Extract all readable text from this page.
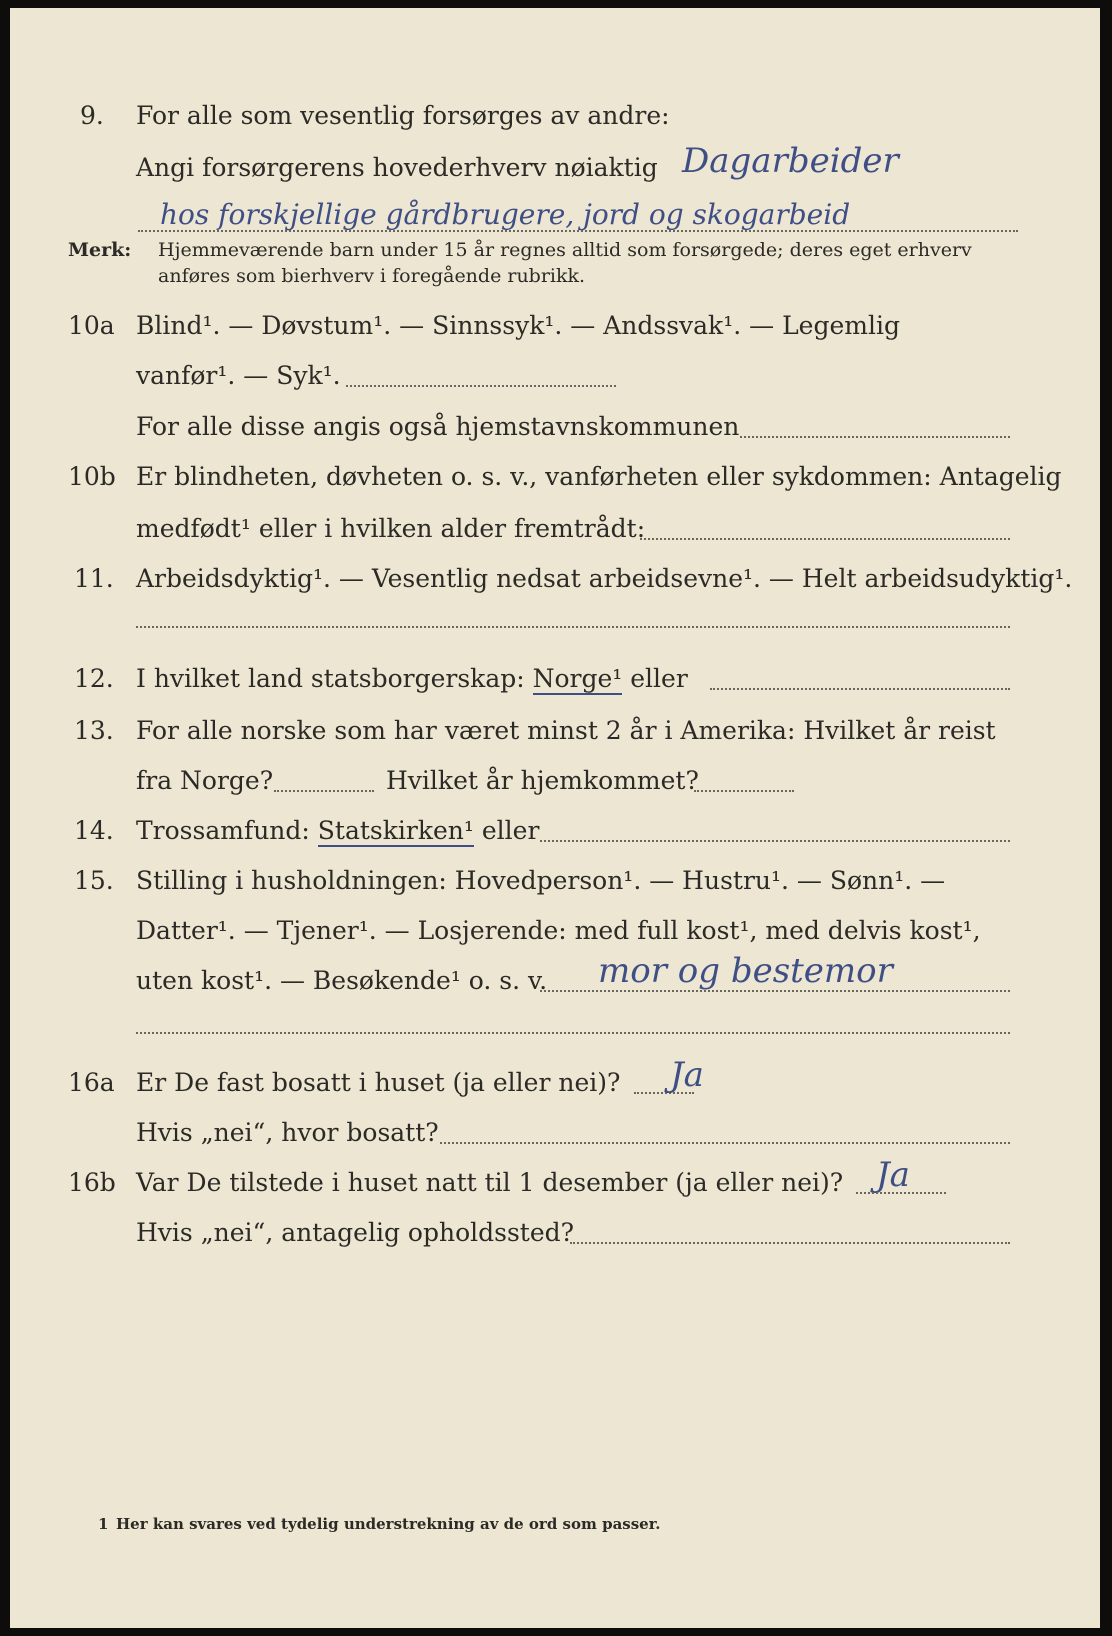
9. For alle som vesentlig forsørges av andre:
Angi forsørgerens hovederhverv nøiaktig Dagarbeider
hos forskjellige gårdbrugere, jord og skogarbeid
Merk: Hjemmeværende barn under 15 år regnes alltid som forsørgede; deres eget erhverv
anføres som bierhverv i foregående rubrikk.
10a Blind¹. — Døvstum¹. — Sinnssyk¹. — Andssvak¹. — Legemlig
vanfør¹. — Syk¹.
For alle disse angis også hjemstavnskommunen
10b Er blindheten, døvheten o. s. v., vanførheten eller sykdommen: Antagelig
medfødt¹ eller i hvilken alder fremtrådt:
11. Arbeidsdyktig¹. — Vesentlig nedsat arbeidsevne¹. — Helt arbeidsudyktig¹.
12. I hvilket land statsborgerskap: Norge¹ eller
13. For alle norske som har været minst 2 år i Amerika: Hvilket år reist
fra Norge?	Hvilket år hjemkommet?
14. Trossamfund: Statskirken¹ eller
15. Stilling i husholdningen: Hovedperson¹. — Hustru¹. — Sønn¹. —
Datter¹. — Tjener¹. — Losjerende: med full kost¹, med delvis kost¹,
uten kost¹. — Besøkende¹ o. s. v. mor og bestemor
16a Er De fast bosatt i huset (ja eller nei)? Ja
Hvis „nei“, hvor bosatt?
16b Var De tilstede i huset natt til 1 desember (ja eller nei)? Ja
Hvis „nei“, antagelig opholdssted?
1 Her kan svares ved tydelig understrekning av de ord som passer.
